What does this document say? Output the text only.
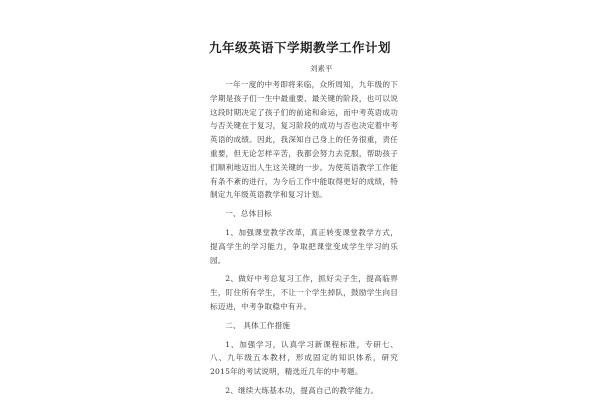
九年级英语下学期教学工作计划
刘素平

一年一度的中考即将来临，众所周知，九年级的下学期是孩子们一生中最重要、最关键的阶段，也可以说这段时期决定了孩子们的前途和命运，而中考英语成功与否关键在于复习，复习阶段的成功与否也决定着中考英语的成绩。因此，我深知自己身上的任务很重，责任重要，但无论怎样辛苦，我都会努力去克服，帮助孩子们顺利地迈出人生这关键的一步。为使英语教学工作能有条不紊的进行，为今后工作中能取得更好的成绩，特制定九年级英语教学和复习计划。

一、总体目标

1、加强课堂教学改革，真正转变课堂教学方式，提高学生的学习能力，争取把课堂变成学生学习的乐园。

2、做好中考总复习工作，抓好尖子生，提高临界生，盯住所有学生，不让一个学生掉队，鼓励学生向目标迈进，中考争取稳中有升。

二、 具体工作措施

1、加强学习，认真学习新课程标准，专研七、八、九年级五本教材，形成固定的知识体系，研究2015年的考试说明，精选近几年的中考题。

2、继续大练基本功，提高自己的教学能力。
